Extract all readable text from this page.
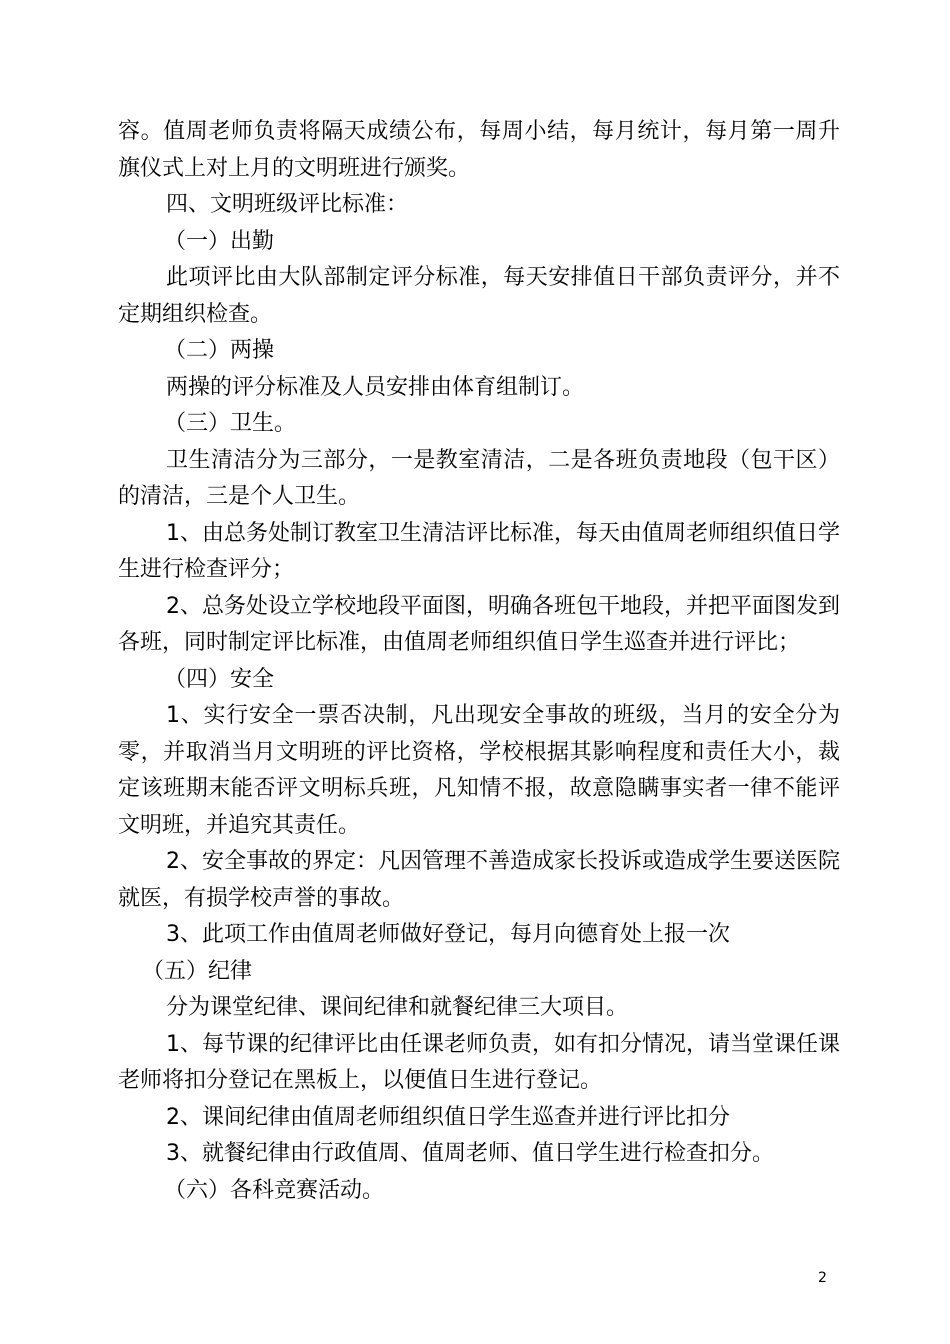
容。值周老师负责将隔天成绩公布，每周小结，每月统计，每月第一周升旗仪式上对上月的文明班进行颁奖。

四、文明班级评比标准：

（一）出勤

此项评比由大队部制定评分标准，每天安排值日干部负责评分，并不定期组织检查。

（二）两操

两操的评分标准及人员安排由体育组制订。

（三）卫生。

卫生清洁分为三部分，一是教室清洁，二是各班负责地段（包干区）的清洁，三是个人卫生。

1、由总务处制订教室卫生清洁评比标准，每天由值周老师组织值日学生进行检查评分；

2、总务处设立学校地段平面图，明确各班包干地段，并把平面图发到各班，同时制定评比标准，由值周老师组织值日学生巡查并进行评比；

（四）安全

1、实行安全一票否决制，凡出现安全事故的班级，当月的安全分为零，并取消当月文明班的评比资格，学校根据其影响程度和责任大小，裁定该班期末能否评文明标兵班，凡知情不报，故意隐瞒事实者一律不能评文明班，并追究其责任。

2、安全事故的界定：凡因管理不善造成家长投诉或造成学生要送医院就医，有损学校声誉的事故。

3、此项工作由值周老师做好登记，每月向德育处上报一次

（五）纪律

分为课堂纪律、课间纪律和就餐纪律三大项目。

1、每节课的纪律评比由任课老师负责，如有扣分情况，请当堂课任课老师将扣分登记在黑板上，以便值日生进行登记。

2、课间纪律由值周老师组织值日学生巡查并进行评比扣分

3、就餐纪律由行政值周、值周老师、值日学生进行检查扣分。

（六）各科竞赛活动。

2
